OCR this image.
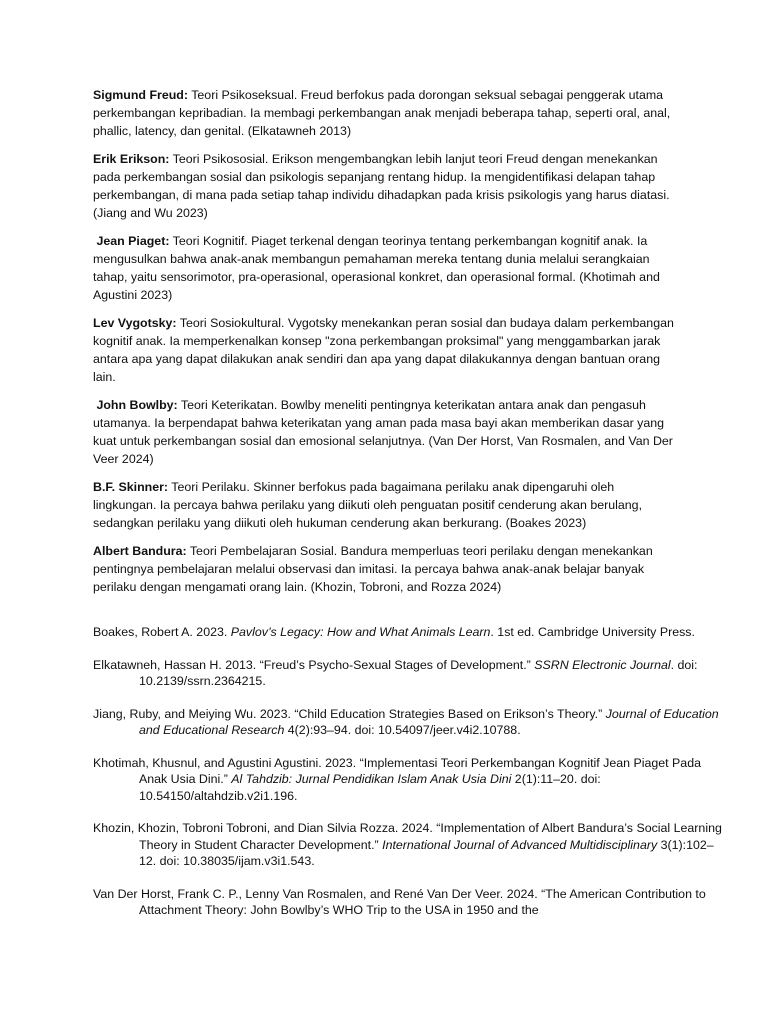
Sigmund Freud: Teori Psikoseksual. Freud berfokus pada dorongan seksual sebagai penggerak utama perkembangan kepribadian. Ia membagi perkembangan anak menjadi beberapa tahap, seperti oral, anal, phallic, latency, dan genital. (Elkatawneh 2013)

Erik Erikson: Teori Psikososial. Erikson mengembangkan lebih lanjut teori Freud dengan menekankan pada perkembangan sosial dan psikologis sepanjang rentang hidup. Ia mengidentifikasi delapan tahap perkembangan, di mana pada setiap tahap individu dihadapkan pada krisis psikologis yang harus diatasi. (Jiang and Wu 2023)

Jean Piaget: Teori Kognitif. Piaget terkenal dengan teorinya tentang perkembangan kognitif anak. Ia mengusulkan bahwa anak-anak membangun pemahaman mereka tentang dunia melalui serangkaian tahap, yaitu sensorimotor, pra-operasional, operasional konkret, dan operasional formal. (Khotimah and Agustini 2023)

Lev Vygotsky: Teori Sosiokultural. Vygotsky menekankan peran sosial dan budaya dalam perkembangan kognitif anak. Ia memperkenalkan konsep "zona perkembangan proksimal" yang menggambarkan jarak antara apa yang dapat dilakukan anak sendiri dan apa yang dapat dilakukannya dengan bantuan orang lain.

John Bowlby: Teori Keterikatan. Bowlby meneliti pentingnya keterikatan antara anak dan pengasuh utamanya. Ia berpendapat bahwa keterikatan yang aman pada masa bayi akan memberikan dasar yang kuat untuk perkembangan sosial dan emosional selanjutnya. (Van Der Horst, Van Rosmalen, and Van Der Veer 2024)

B.F. Skinner: Teori Perilaku. Skinner berfokus pada bagaimana perilaku anak dipengaruhi oleh lingkungan. Ia percaya bahwa perilaku yang diikuti oleh penguatan positif cenderung akan berulang, sedangkan perilaku yang diikuti oleh hukuman cenderung akan berkurang. (Boakes 2023)

Albert Bandura: Teori Pembelajaran Sosial. Bandura memperluas teori perilaku dengan menekankan pentingnya pembelajaran melalui observasi dan imitasi. Ia percaya bahwa anak-anak belajar banyak perilaku dengan mengamati orang lain. (Khozin, Tobroni, and Rozza 2024)

Boakes, Robert A. 2023. Pavlov’s Legacy: How and What Animals Learn. 1st ed. Cambridge University Press.

Elkatawneh, Hassan H. 2013. “Freud’s Psycho-Sexual Stages of Development.” SSRN Electronic Journal. doi: 10.2139/ssrn.2364215.

Jiang, Ruby, and Meiying Wu. 2023. “Child Education Strategies Based on Erikson’s Theory.” Journal of Education and Educational Research 4(2):93–94. doi: 10.54097/jeer.v4i2.10788.

Khotimah, Khusnul, and Agustini Agustini. 2023. “Implementasi Teori Perkembangan Kognitif Jean Piaget Pada Anak Usia Dini.” Al Tahdzib: Jurnal Pendidikan Islam Anak Usia Dini 2(1):11–20. doi: 10.54150/altahdzib.v2i1.196.

Khozin, Khozin, Tobroni Tobroni, and Dian Silvia Rozza. 2024. “Implementation of Albert Bandura’s Social Learning Theory in Student Character Development.” International Journal of Advanced Multidisciplinary 3(1):102–12. doi: 10.38035/ijam.v3i1.543.

Van Der Horst, Frank C. P., Lenny Van Rosmalen, and René Van Der Veer. 2024. “The American Contribution to Attachment Theory: John Bowlby’s WHO Trip to the USA in 1950 and the
